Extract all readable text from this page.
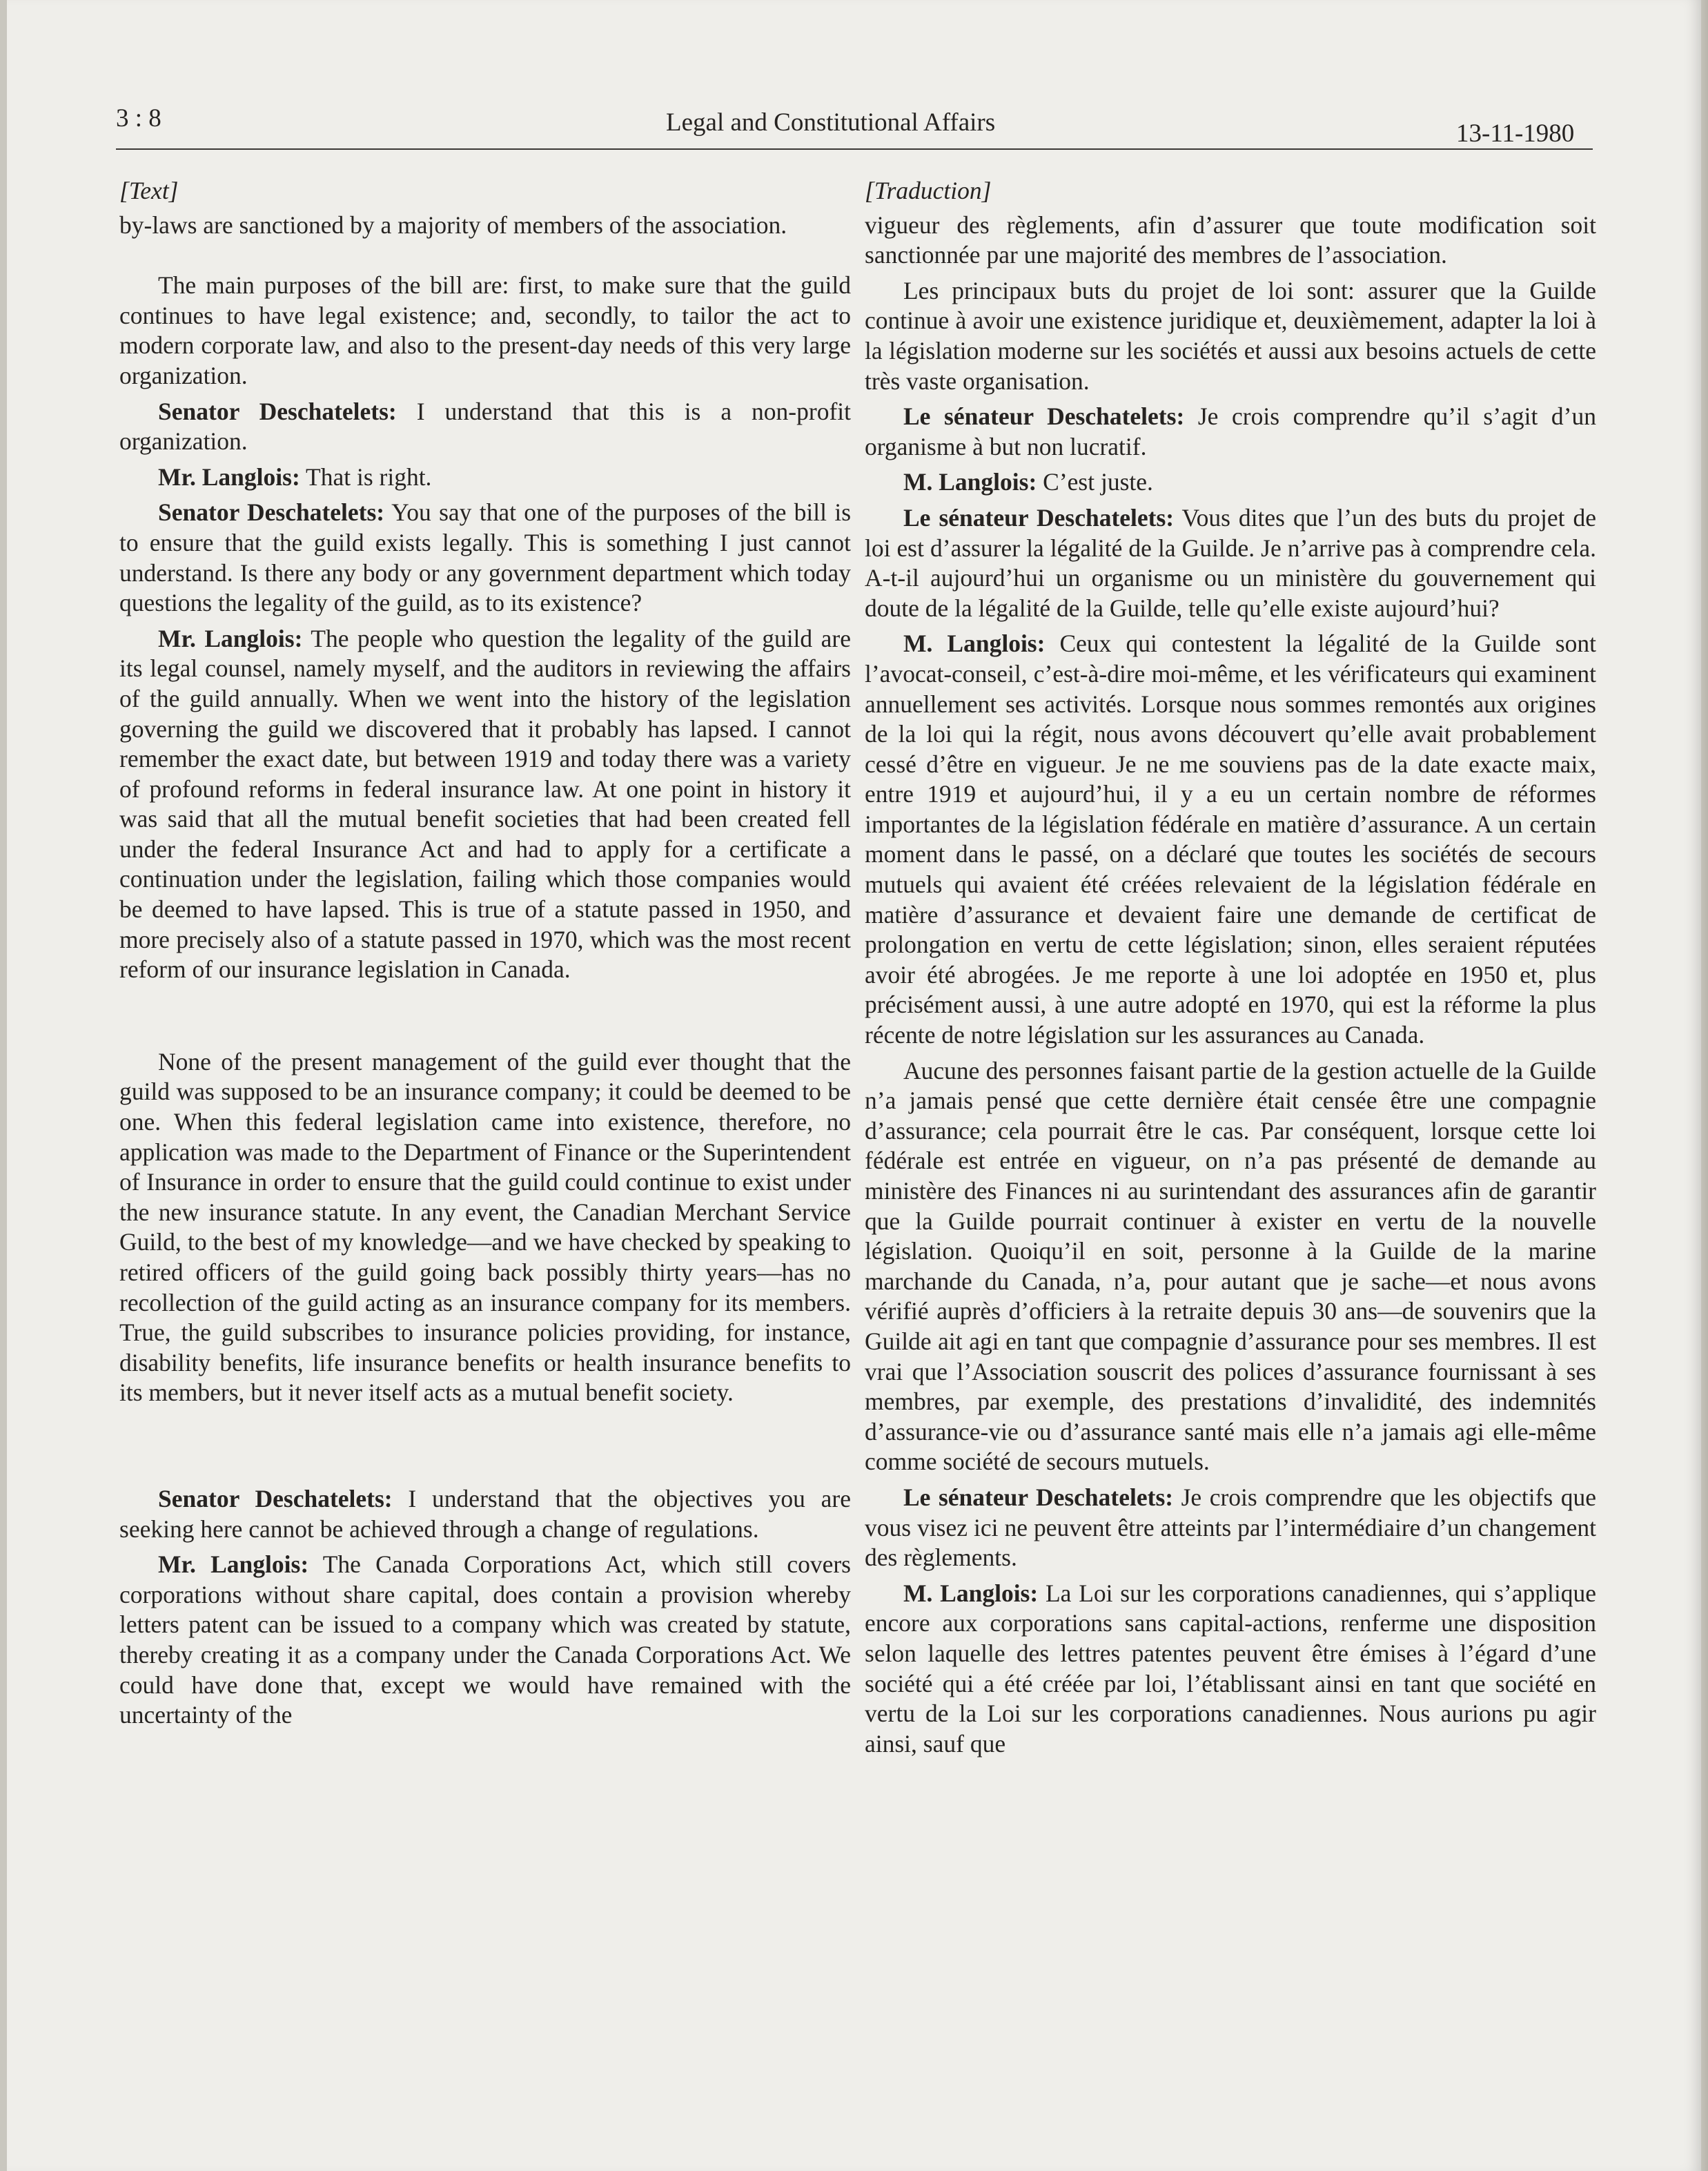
3 : 8	Legal and Constitutional Affairs	13-11-1980
[Text]

by-laws are sanctioned by a majority of members of the association.

The main purposes of the bill are: first, to make sure that the guild continues to have legal existence; and, secondly, to tailor the act to modern corporate law, and also to the present-day needs of this very large organization.

Senator Deschatelets: I understand that this is a non-profit organization.

Mr. Langlois: That is right.

Senator Deschatelets: You say that one of the purposes of the bill is to ensure that the guild exists legally. This is something I just cannot understand. Is there any body or any government department which today questions the legality of the guild, as to its existence?

Mr. Langlois: The people who question the legality of the guild are its legal counsel, namely myself, and the auditors in reviewing the affairs of the guild annually. When we went into the history of the legislation governing the guild we discovered that it probably has lapsed. I cannot remember the exact date, but between 1919 and today there was a variety of profound reforms in federal insurance law. At one point in history it was said that all the mutual benefit societies that had been created fell under the federal Insurance Act and had to apply for a certificate a continuation under the legislation, failing which those companies would be deemed to have lapsed. This is true of a statute passed in 1950, and more precisely also of a statute passed in 1970, which was the most recent reform of our insurance legislation in Canada.

None of the present management of the guild ever thought that the guild was supposed to be an insurance company; it could be deemed to be one. When this federal legislation came into existence, therefore, no application was made to the Department of Finance or the Superintendent of Insurance in order to ensure that the guild could continue to exist under the new insurance statute. In any event, the Canadian Merchant Service Guild, to the best of my knowledge—and we have checked by speaking to retired officers of the guild going back possibly thirty years—has no recollection of the guild acting as an insurance company for its members. True, the guild subscribes to insurance policies providing, for instance, disability benefits, life insurance benefits or health insurance benefits to its members, but it never itself acts as a mutual benefit society.

Senator Deschatelets: I understand that the objectives you are seeking here cannot be achieved through a change of regulations.

Mr. Langlois: The Canada Corporations Act, which still covers corporations without share capital, does contain a provision whereby letters patent can be issued to a company which was created by statute, thereby creating it as a company under the Canada Corporations Act. We could have done that, except we would have remained with the uncertainty of the

[Traduction]

vigueur des règlements, afin d’assurer que toute modification soit sanctionnée par une majorité des membres de l’association.

Les principaux buts du projet de loi sont: assurer que la Guilde continue à avoir une existence juridique et, deuxièmement, adapter la loi à la législation moderne sur les sociétés et aussi aux besoins actuels de cette très vaste organisation.

Le sénateur Deschatelets: Je crois comprendre qu’il s’agit d’un organisme à but non lucratif.

M. Langlois: C’est juste.

Le sénateur Deschatelets: Vous dites que l’un des buts du projet de loi est d’assurer la légalité de la Guilde. Je n’arrive pas à comprendre cela. A-t-il aujourd’hui un organisme ou un ministère du gouvernement qui doute de la légalité de la Guilde, telle qu’elle existe aujourd’hui?

M. Langlois: Ceux qui contestent la légalité de la Guilde sont l’avocat-conseil, c’est-à-dire moi-même, et les vérificateurs qui examinent annuellement ses activités. Lorsque nous sommes remontés aux origines de la loi qui la régit, nous avons découvert qu’elle avait probablement cessé d’être en vigueur. Je ne me souviens pas de la date exacte maix, entre 1919 et aujourd’hui, il y a eu un certain nombre de réformes importantes de la législation fédérale en matière d’assurance. A un certain moment dans le passé, on a déclaré que toutes les sociétés de secours mutuels qui avaient été créées relevaient de la législation fédérale en matière d’assurance et devaient faire une demande de certificat de prolongation en vertu de cette législation; sinon, elles seraient réputées avoir été abrogées. Je me reporte à une loi adoptée en 1950 et, plus précisément aussi, à une autre adopté en 1970, qui est la réforme la plus récente de notre législation sur les assurances au Canada.

Aucune des personnes faisant partie de la gestion actuelle de la Guilde n’a jamais pensé que cette dernière était censée être une compagnie d’assurance; cela pourrait être le cas. Par conséquent, lorsque cette loi fédérale est entrée en vigueur, on n’a pas présenté de demande au ministère des Finances ni au surintendant des assurances afin de garantir que la Guilde pourrait continuer à exister en vertu de la nouvelle législation. Quoiqu’il en soit, personne à la Guilde de la marine marchande du Canada, n’a, pour autant que je sache—et nous avons vérifié auprès d’officiers à la retraite depuis 30 ans—de souvenirs que la Guilde ait agi en tant que compagnie d’assurance pour ses membres. Il est vrai que l’Association souscrit des polices d’assurance fournissant à ses membres, par exemple, des prestations d’invalidité, des indemnités d’assurance-vie ou d’assurance santé mais elle n’a jamais agi elle-même comme société de secours mutuels.

Le sénateur Deschatelets: Je crois comprendre que les objectifs que vous visez ici ne peuvent être atteints par l’intermédiaire d’un changement des règlements.

M. Langlois: La Loi sur les corporations canadiennes, qui s’applique encore aux corporations sans capital-actions, renferme une disposition selon laquelle des lettres patentes peuvent être émises à l’égard d’une société qui a été créée par loi, l’établissant ainsi en tant que société en vertu de la Loi sur les corporations canadiennes. Nous aurions pu agir ainsi, sauf que
